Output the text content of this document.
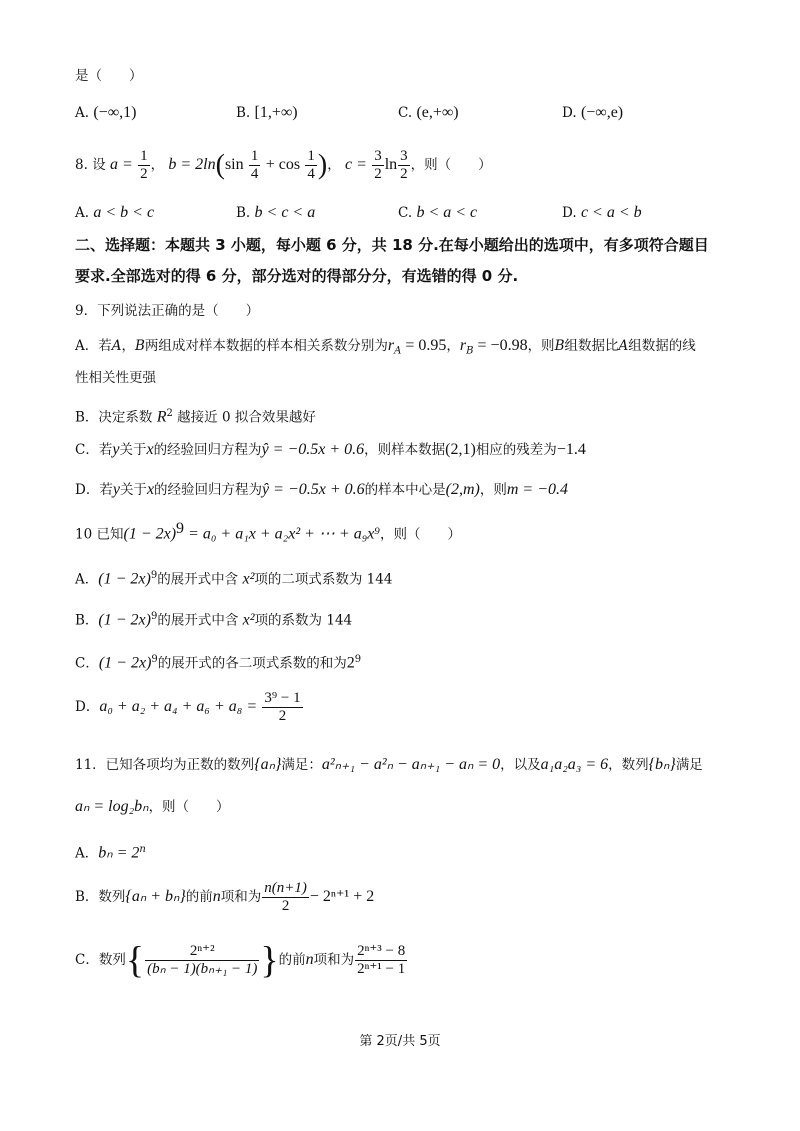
是（　　）
A. (−∞,1)	B. [1,+∞)	C. (e,+∞)	D. (−∞,e)
8. 设 $a = \frac{1}{2}$ ， $b = 2\ln(\sin \frac{1}{4} + \cos \frac{1}{4}$ )， $c = \frac{3}{2}$ $\ln \frac{3}{2}$ ，则（　　）
A. a < b < c	B. b < c < a	C. b < a < c	D. c < a < b
二、选择题：本题共 3 小题，每小题 6 分，共 18 分.在每小题给出的选项中，有多项符合题目
要求.全部选对的得 6 分，部分选对的得部分分，有选错的得 0 分.
9．下列说法正确的是（　　）
A．若A，B两组成对样本数据的样本相关系数分别为$r_A = 0.95$，$r_B = -0.98$，则B组数据比A组数据的线
性相关性更强
B．决定系数 $R^2$ 越接近 0 拟合效果越好
C．若y关于x的经验回归方程为ŷ = −0.5x + 0.6，则样本数据(2,1)相应的残差为−1.4
D．若y关于x的经验回归方程为ŷ = −0.5x + 0.6的样本中心是(2,m)，则m = −0.4
10 已知$(1 - 2x)^9 = a_0 + a_1x + a_2x^2$ + ⋯ + a₉x⁹，则（　　）
A．$(1 - 2x)^9$的展开式中含 x²项的二项式系数为 144
B．$(1 - 2x)^9$的展开式中含 x²项的系数为 144
C．$(1 - 2x)^9$的展开式的各二项式系数的和为$2^9$
D．$a_0 + a_2 + a_4 + a_6 + a_8 = \frac{\text{3⁹ − 1}}{2}$
11．已知各项均为正数的数列{aₙ}满足：a²ₙ₊₁ − a²ₙ − aₙ₊₁ − aₙ = 0，以及a₁a₂a₃ = 6，数列{bₙ}满足
aₙ = log₂bₙ，则（　　）
A．$b_n = 2^n$
B．数列{aₙ + bₙ}的前n项和为 $\frac{n(n+1)}{2} - 2^{n+1} + 2$
C．数列{ $\frac{\text{2ⁿ⁺²}}{\text{(bₙ − 1)(bₙ₊₁ − 1)}}$ }的前n项和为 $\frac{\text{2ⁿ⁺³ − 8}}{\text{2ⁿ⁺¹ − 1}}$
第 2页/共 5页
